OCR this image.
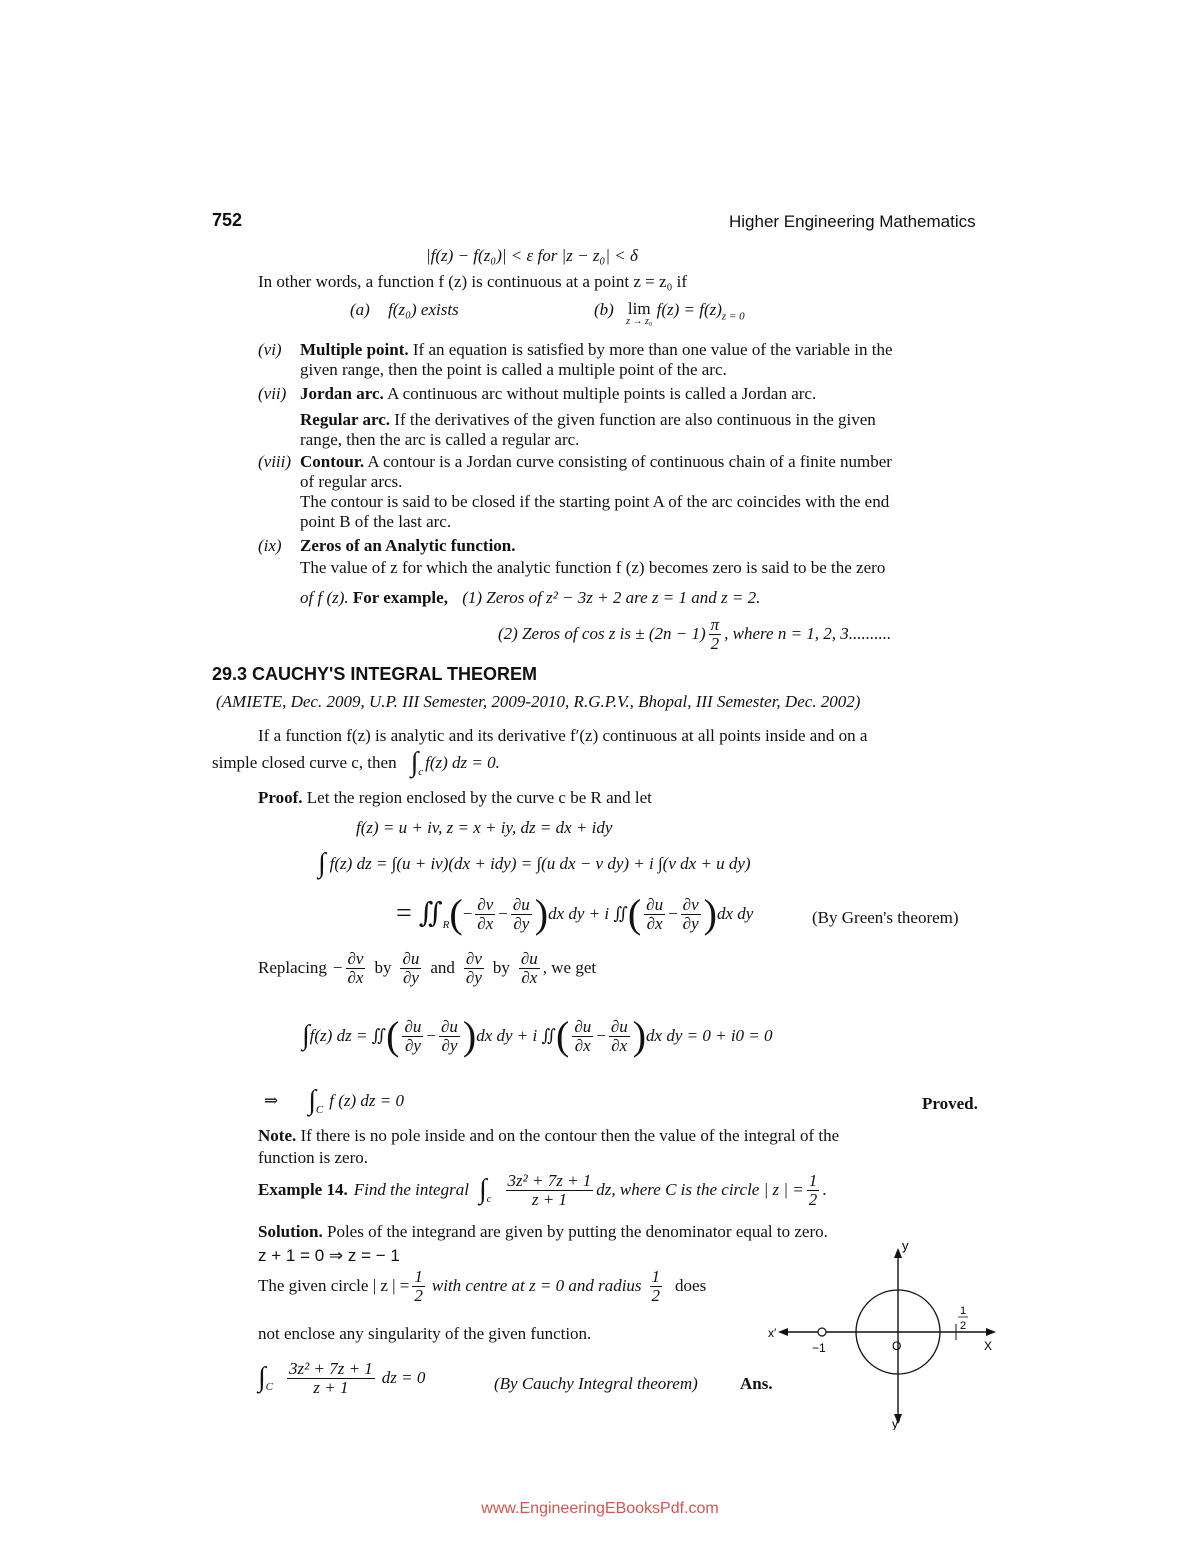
752	Higher Engineering Mathematics
|f(z) − f(z₀)| < ε for |z − z₀| < δ
In other words, a function f (z) is continuous at a point z = z₀ if
(a) f(z₀) exists	(b) lim
z → z₀
$f(z) = f(z)_{z = 0}$
(vi) Multiple point. If an equation is satisfied by more than one value of the variable in the
given range, then the point is called a multiple point of the arc.
(vii) Jordan arc. A continuous arc without multiple points is called a Jordan arc.
Regular arc. If the derivatives of the given function are also continuous in the given
range, then the arc is called a regular arc.
(viii) Contour. A contour is a Jordan curve consisting of continuous chain of a finite number
of regular arcs.
The contour is said to be closed if the starting point A of the arc coincides with the end
point B of the last arc.
(ix) Zeros of an Analytic function.
The value of z for which the analytic function f (z) becomes zero is said to be the zero
of f (z). For example, (1) Zeros of z² − 3z + 2 are z = 1 and z = 2.
(2) Zeros of cos z is ± $(2n - 1) \frac{\pi}{2}$ , where n = 1, 2, 3..........
29.3 CAUCHY'S INTEGRAL THEOREM
(AMIETE, Dec. 2009, U.P. III Semester, 2009-2010, R.G.P.V., Bhopal, III Semester, Dec. 2002)
If a function f(z) is analytic and its derivative f′(z) continuous at all points inside and on a
simple closed curve c, then ∫ c f(z) dz = 0.
Proof. Let the region enclosed by the curve c be R and let
f(z) = u + iv, z = x + iy, dz = dx + idy
∫ f(z) dz = ∫(u + iv)(dx + idy) = ∫(u dx − v dy) + i ∫(v dx + u dy)
= ∬ R ( − $\frac{\partial v}{\partial x} - \frac{\partial u}{\partial y}$ ) dx dy + i ∬ ( $\frac{\partial u}{\partial x} - \frac{\partial v}{\partial y}$ ) dx dy	(By Green's theorem)
Replacing − $\frac{\partial v}{\partial x}$ by $\frac{\partial u}{\partial y}$ and $\frac{\partial v}{\partial y}$ by $\frac{\partial u}{\partial x}$ , we get
∫ f(z) dz = ∬ ( $\frac{\partial u}{\partial y} - \frac{\partial u}{\partial y}$ ) dx dy + i ∬ ( $\frac{\partial u}{\partial x} - \frac{\partial u}{\partial x}$ ) dx dy = 0 + i0 = 0
⇒ ∫ C f (z) dz = 0	Proved.
Note. If there is no pole inside and on the contour then the value of the integral of the
function is zero.
Example 14. Find the integral ∫ c $\frac{\text{3z² + 7z + 1}}{z + 1}$ dz, where C is the circle | z | = $\frac{1}{2}$ .
Solution. Poles of the integrand are given by putting the denominator equal to zero.
z + 1 = 0 ⇒ z = − 1
The given circle | z | = $\frac{1}{2}$ with centre at z = 0 and radius $\frac{1}{2}$ does
not enclose any singularity of the given function.
∫ C $\frac{\text{3z² + 7z + 1}}{z + 1}$ dz = 0	(By Cauchy Integral theorem) Ans.
y
y′
X
x′
O
−1
1
2
www.EngineeringEBooksPdf.com
